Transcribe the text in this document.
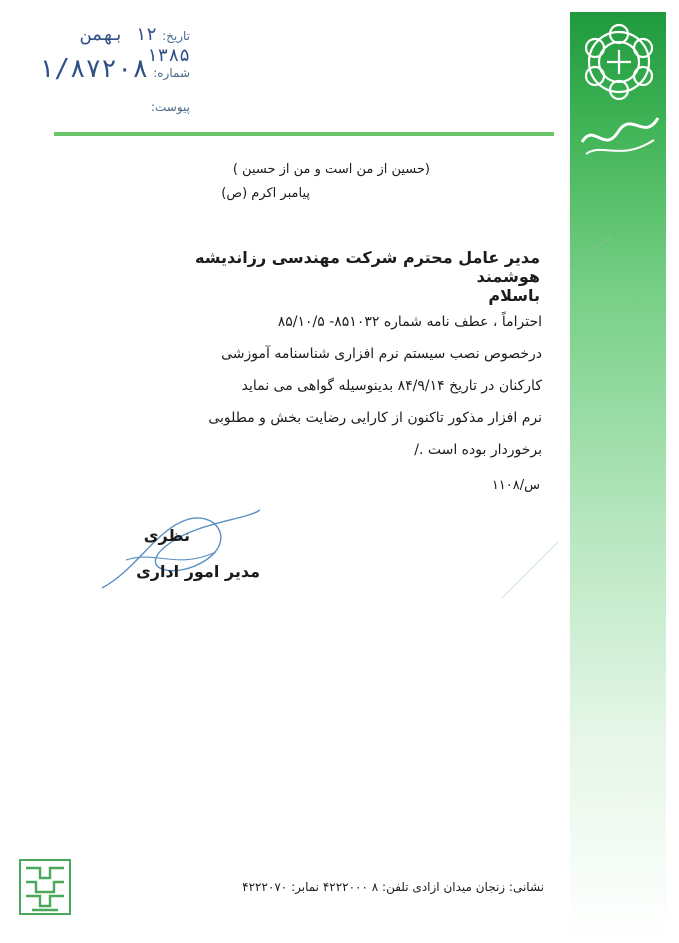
تاریخ: ۱۲ بهمن ۱۳۸۵
شماره: ۱/۸۷۲۰۸
پیوست:
(حسین از من است و من از حسین )
پیامبر اکرم (ص)
مدیر عامل محترم شرکت مهندسی رزاندیشه هوشمند
باسلام
احتراماً ، عطف نامه شماره ۸۵۱۰۳۲- ۸۵/۱۰/۵
درخصوص نصب سیستم نرم افزاری شناسنامه آموزشی
کارکنان در تاریخ ۸۴/۹/۱۴ بدینوسیله گواهی می نماید
نرم افزار مذکور تاکنون از کارایی رضایت بخش و مطلوبی
برخوردار بوده است ./
س/۱۱۰۸
نظری
مدیر امور اداری
نشانی: زنجان میدان ازادی تلفن: ۸ ۴۲۲۲۰۰۰ نمابر: ۴۲۲۲۰۷۰
